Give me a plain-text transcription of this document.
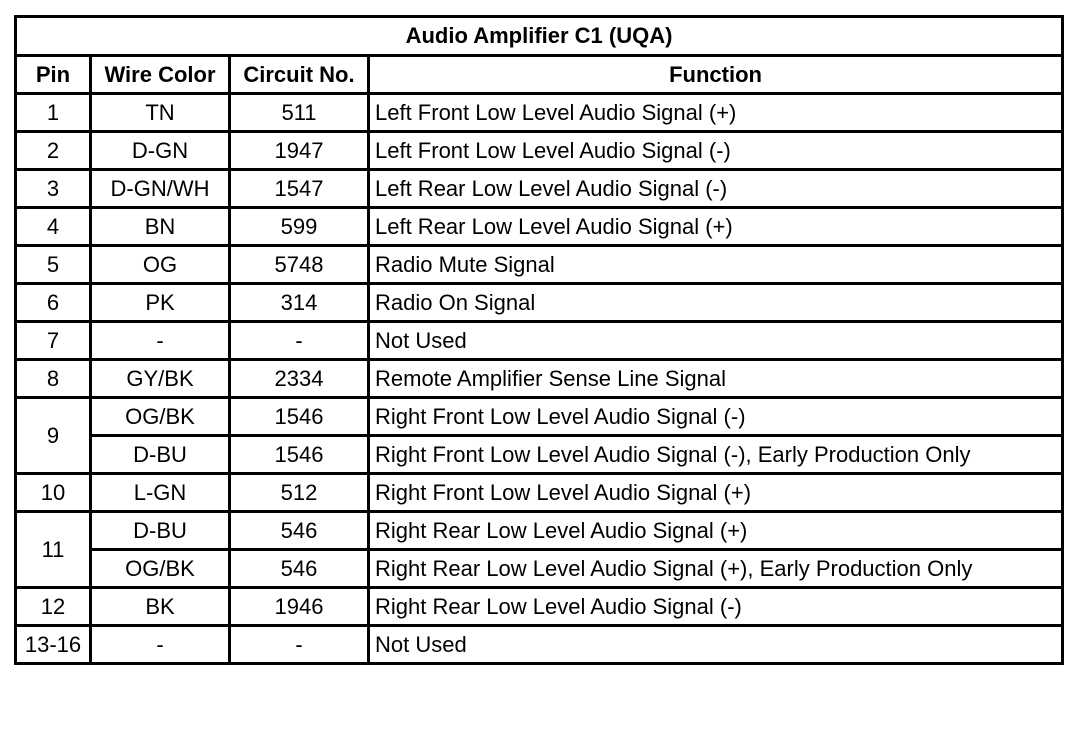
Audio Amplifier C1 (UQA)			
Pin	Wire Color	Circuit No.	Function
1	TN	511	Left Front Low Level Audio Signal (+)
2	D-GN	1947	Left Front Low Level Audio Signal (-)
3	D-GN/WH	1547	Left Rear Low Level Audio Signal (-)
4	BN	599	Left Rear Low Level Audio Signal (+)
5	OG	5748	Radio Mute Signal
6	PK	314	Radio On Signal
7	-	-	Not Used
8	GY/BK	2334	Remote Amplifier Sense Line Signal
9	OG/BK	1546	Right Front Low Level Audio Signal (-)
	D-BU	1546	Right Front Low Level Audio Signal (-), Early Production Only
10	L-GN	512	Right Front Low Level Audio Signal (+)
11	D-BU	546	Right Rear Low Level Audio Signal (+)
	OG/BK	546	Right Rear Low Level Audio Signal (+), Early Production Only
12	BK	1946	Right Rear Low Level Audio Signal (-)
13-16	-	-	Not Used
